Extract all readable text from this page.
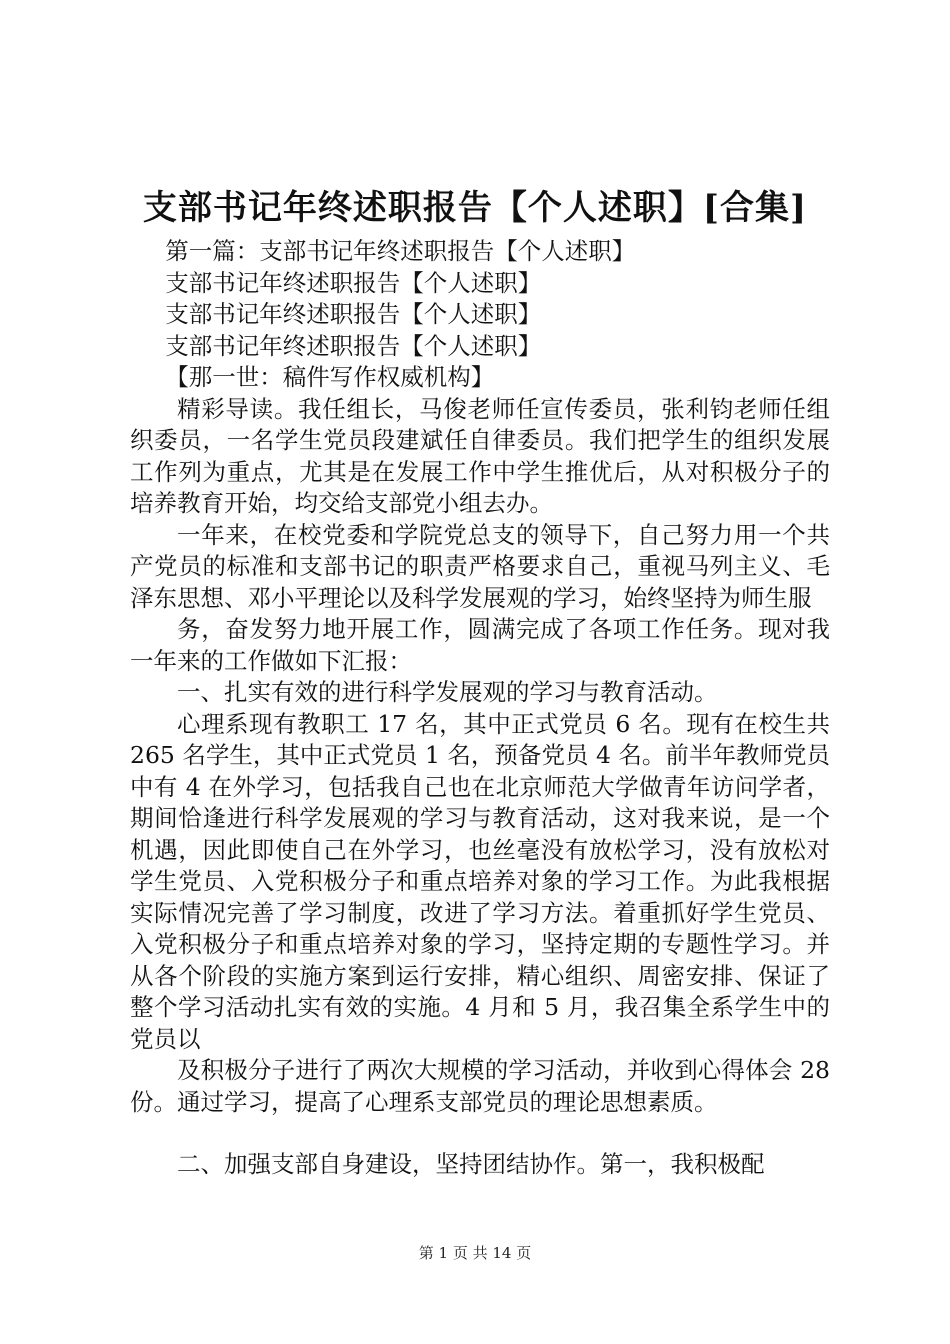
支部书记年终述职报告【个人述职】[合集]

第一篇：支部书记年终述职报告【个人述职】

支部书记年终述职报告【个人述职】

支部书记年终述职报告【个人述职】

支部书记年终述职报告【个人述职】

【那一世：稿件写作权威机构】

精彩导读。我任组长，马俊老师任宣传委员，张利钧老师任组织委员，一名学生党员段建斌任自律委员。我们把学生的组织发展工作列为重点，尤其是在发展工作中学生推优后，从对积极分子的培养教育开始，均交给支部党小组去办。

一年来，在校党委和学院党总支的领导下，自己努力用一个共产党员的标准和支部书记的职责严格要求自己，重视马列主义、毛泽东思想、邓小平理论以及科学发展观的学习，始终坚持为师生服

务，奋发努力地开展工作，圆满完成了各项工作任务。现对我一年来的工作做如下汇报：

一、扎实有效的进行科学发展观的学习与教育活动。

心理系现有教职工 17 名，其中正式党员 6 名。现有在校生共 265 名学生，其中正式党员 1 名，预备党员 4 名。前半年教师党员中有 4 在外学习，包括我自己也在北京师范大学做青年访问学者，期间恰逢进行科学发展观的学习与教育活动，这对我来说，是一个机遇，因此即使自己在外学习，也丝毫没有放松学习，没有放松对学生党员、入党积极分子和重点培养对象的学习工作。为此我根据实际情况完善了学习制度，改进了学习方法。着重抓好学生党员、入党积极分子和重点培养对象的学习，坚持定期的专题性学习。并从各个阶段的实施方案到运行安排，精心组织、周密安排、保证了整个学习活动扎实有效的实施。4 月和 5 月，我召集全系学生中的党员以

及积极分子进行了两次大规模的学习活动，并收到心得体会 28 份。通过学习，提高了心理系支部党员的理论思想素质。

二、加强支部自身建设，坚持团结协作。第一，我积极配

第 1 页 共 14 页
